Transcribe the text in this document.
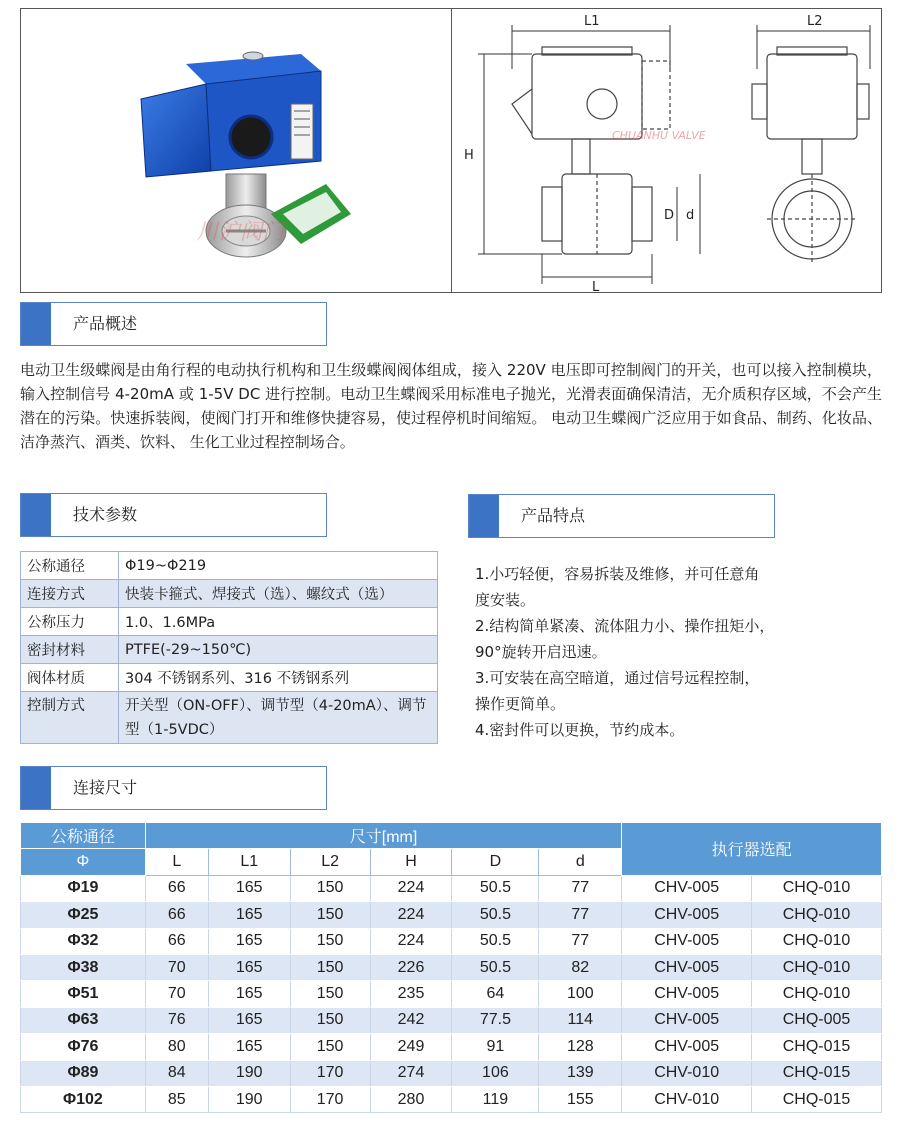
川沪阀门
L1	L2
H
D d
L
CHUANHU VALVE
产品概述
电动卫生级蝶阀是由角行程的电动执行机构和卫生级蝶阀阀体组成，接入 220V 电压即可控制阀门的开关，也可以接入控制模块，输入控制信号 4-20mA 或 1-5V DC 进行控制。电动卫生蝶阀采用标准电子抛光，光滑表面确保清洁，无介质积存区域，不会产生潜在的污染。快速拆装阀，使阀门打开和维修快捷容易，使过程停机时间缩短。 电动卫生蝶阀广泛应用于如食品、制药、化妆品、洁净蒸汽、酒类、饮料、 生化工业过程控制场合。
技术参数
公称通径	Φ19~Φ219
连接方式	快装卡箍式、焊接式（选）、螺纹式（选）
公称压力	1.0、1.6MPa
密封材料	PTFE(-29~150℃)
阀体材质	304 不锈钢系列、316 不锈钢系列
控制方式	开关型（ON-OFF）、调节型（4-20mA）、调节型（1-5VDC）
产品特点
1.小巧轻便，容易拆装及维修，并可任意角
度安装。
2.结构简单紧凑、流体阻力小、操作扭矩小，
90°旋转开启迅速。
3.可安装在高空暗道，通过信号远程控制，
操作更简单。
4.密封件可以更换，节约成本。
连接尺寸
公称通径	尺寸[mm]						执行器选配	
Φ	L	L1	L2	H	D	d		
Φ19	66	165	150	224	50.5	77	CHV-005	CHQ-010
Φ25	66	165	150	224	50.5	77	CHV-005	CHQ-010
Φ32	66	165	150	224	50.5	77	CHV-005	CHQ-010
Φ38	70	165	150	226	50.5	82	CHV-005	CHQ-010
Φ51	70	165	150	235	64	100	CHV-005	CHQ-010
Φ63	76	165	150	242	77.5	114	CHV-005	CHQ-005
Φ76	80	165	150	249	91	128	CHV-005	CHQ-015
Φ89	84	190	170	274	106	139	CHV-010	CHQ-015
Φ102	85	190	170	280	119	155	CHV-010	CHQ-015
